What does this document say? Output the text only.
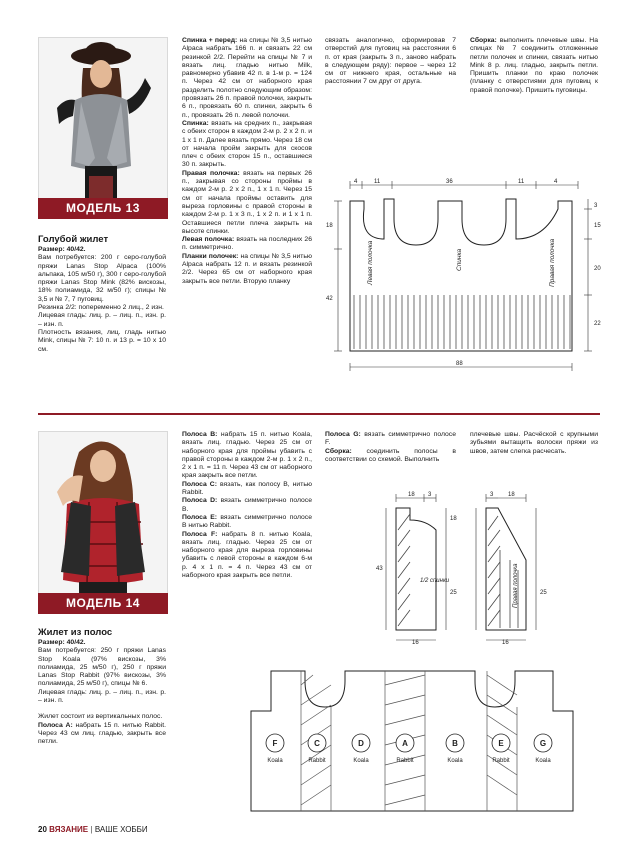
МОДЕЛЬ 13
Голубой жилет
Размер: 40/42.
Вам потребуется: 200 г серо-голубой пряжи Lanas Stop Alpaca (100% альпака, 105 м/50 г), 300 г серо-голубой пряжи Lanas Stop Mink (82% вискозы, 18% полиамида, 32 м/50 г); спицы № 3,5 и № 7, 7 пуговиц.
Резинка 2/2: попеременно 2 лиц., 2 изн.
Лицевая гладь: лиц. р. – лиц. п., изн. р. – изн. п.
Плотность вязания, лиц. гладь нитью Mink, спицы № 7: 10 п. и 13 р. = 10 х 10 см.
Спинка + перед: на спицы № 3,5 нитью Alpaca набрать 166 п. и связать 22 см резинкой 2/2. Перейти на спицы № 7 и вязать лиц. гладью нитью Milk, равномерно убавив 42 п. в 1-м р. = 124 п. Через 42 см от наборного края разделить полотно следующим образом: провязать 26 п. правой полочки, закрыть 6 п., провязать 60 п. спинки, закрыть 6 п., провязать 26 п. левой полочки.
Спинка: вязать на средних п., закрывая с обеих сторон в каждом 2-м р. 2 х 2 п. и 1 х 1 п. Далее вязать прямо. Через 18 см от начала пройм закрыть для скосов плеч с обеих сторон 15 п., оставшиеся 30 п. закрыть.
Правая полочка: вязать на первых 26 п., закрывая со стороны проймы в каждом 2-м р. 2 х 2 п., 1 х 1 п. Через 15 см от начала проймы оставить для выреза горловины с правой стороны в каждом 2-м р. 1 х 3 п., 1 х 2 п. и 1 х 1 п. Оставшиеся петли плеча закрыть на высоте спинки.
Левая полочка: вязать на последних 26 п. симметрично.
Планки полочек: на спицы № 3,5 нитью Alpaca набрать 12 п. и вязать резинкой 2/2. Через 65 см от наборного края закрыть все петли. Вторую планку
связать аналогично, сформировав 7 отверстий для пуговиц на расстоянии 6 п. от края (закрыть 3 п., заново набрать в следующем ряду): первое – через 12 см от нижнего края, остальные на расстоянии 7 см друг от друга.
Сборка: выполнить плечевые швы. На спицах № 7 соединить отложенные петли полочек и спинки, связать нитью Mink 8 р. лиц. гладью, закрыть петли. Пришить планки по краю полочек (планку с отверстиями для пуговиц к правой полочке). Пришить пуговицы.
4	11	36	11	4
3
15
20
22
18
42
88
Левая полочка	Спинка	Правая полочка
МОДЕЛЬ 14
Жилет из полос
Размер: 40/42.
Вам потребуется: 250 г пряжи Lanas Stop Koala (97% вискозы, 3% полиамида, 25 м/50 г), 250 г пряжи Lanas Stop Rabbit (97% вискозы, 3% полиамида, 25 м/50 г), спицы № 6.
Лицевая гладь: лиц. р. – лиц. п., изн. р. – изн. п.
Жилет состоит из вертикальных полос.
Полоса А: набрать 15 п. нитью Rabbit. Через 43 см лиц. гладью, закрыть все петли.
Полоса В: набрать 15 п. нитью Koala, вязать лиц. гладью. Через 25 см от наборного края для проймы убавить с правой стороны в каждом 2-м р. 1 х 2 п., 2 х 1 п. = 11 п. Через 43 см от наборного края закрыть все петли.
Полоса С: вязать, как полосу В, нитью Rabbit.
Полоса D: вязать симметрично полосе В.
Полоса Е: вязать симметрично полосе В нитью Rabbit.
Полоса F: набрать 8 п. нитью Koala, вязать лиц. гладью. Через 25 см от наборного края для выреза горловины убавить с левой стороны в каждом 6-м р. 4 х 1 п. = 4 п. Через 43 см от наборного края закрыть все петли.
Полоса G: вязать симметрично полосе F.
Сборка: соединить полосы в соответствии со схемой. Выполнить
плечевые швы. Расчёской с крупными зубьями вытащить волоски пряжи из швов, затем слегка расчесать.
18 3
18
25
43
18
3
25
16	16
1/2 спинки	Правая полочка
F	C	D	A	B	E	G
Koala	Rabbit	Koala	Rabbit	Koala	Rabbit	Koala
20 ВЯЗАНИЕ | ВАШЕ ХОББИ
